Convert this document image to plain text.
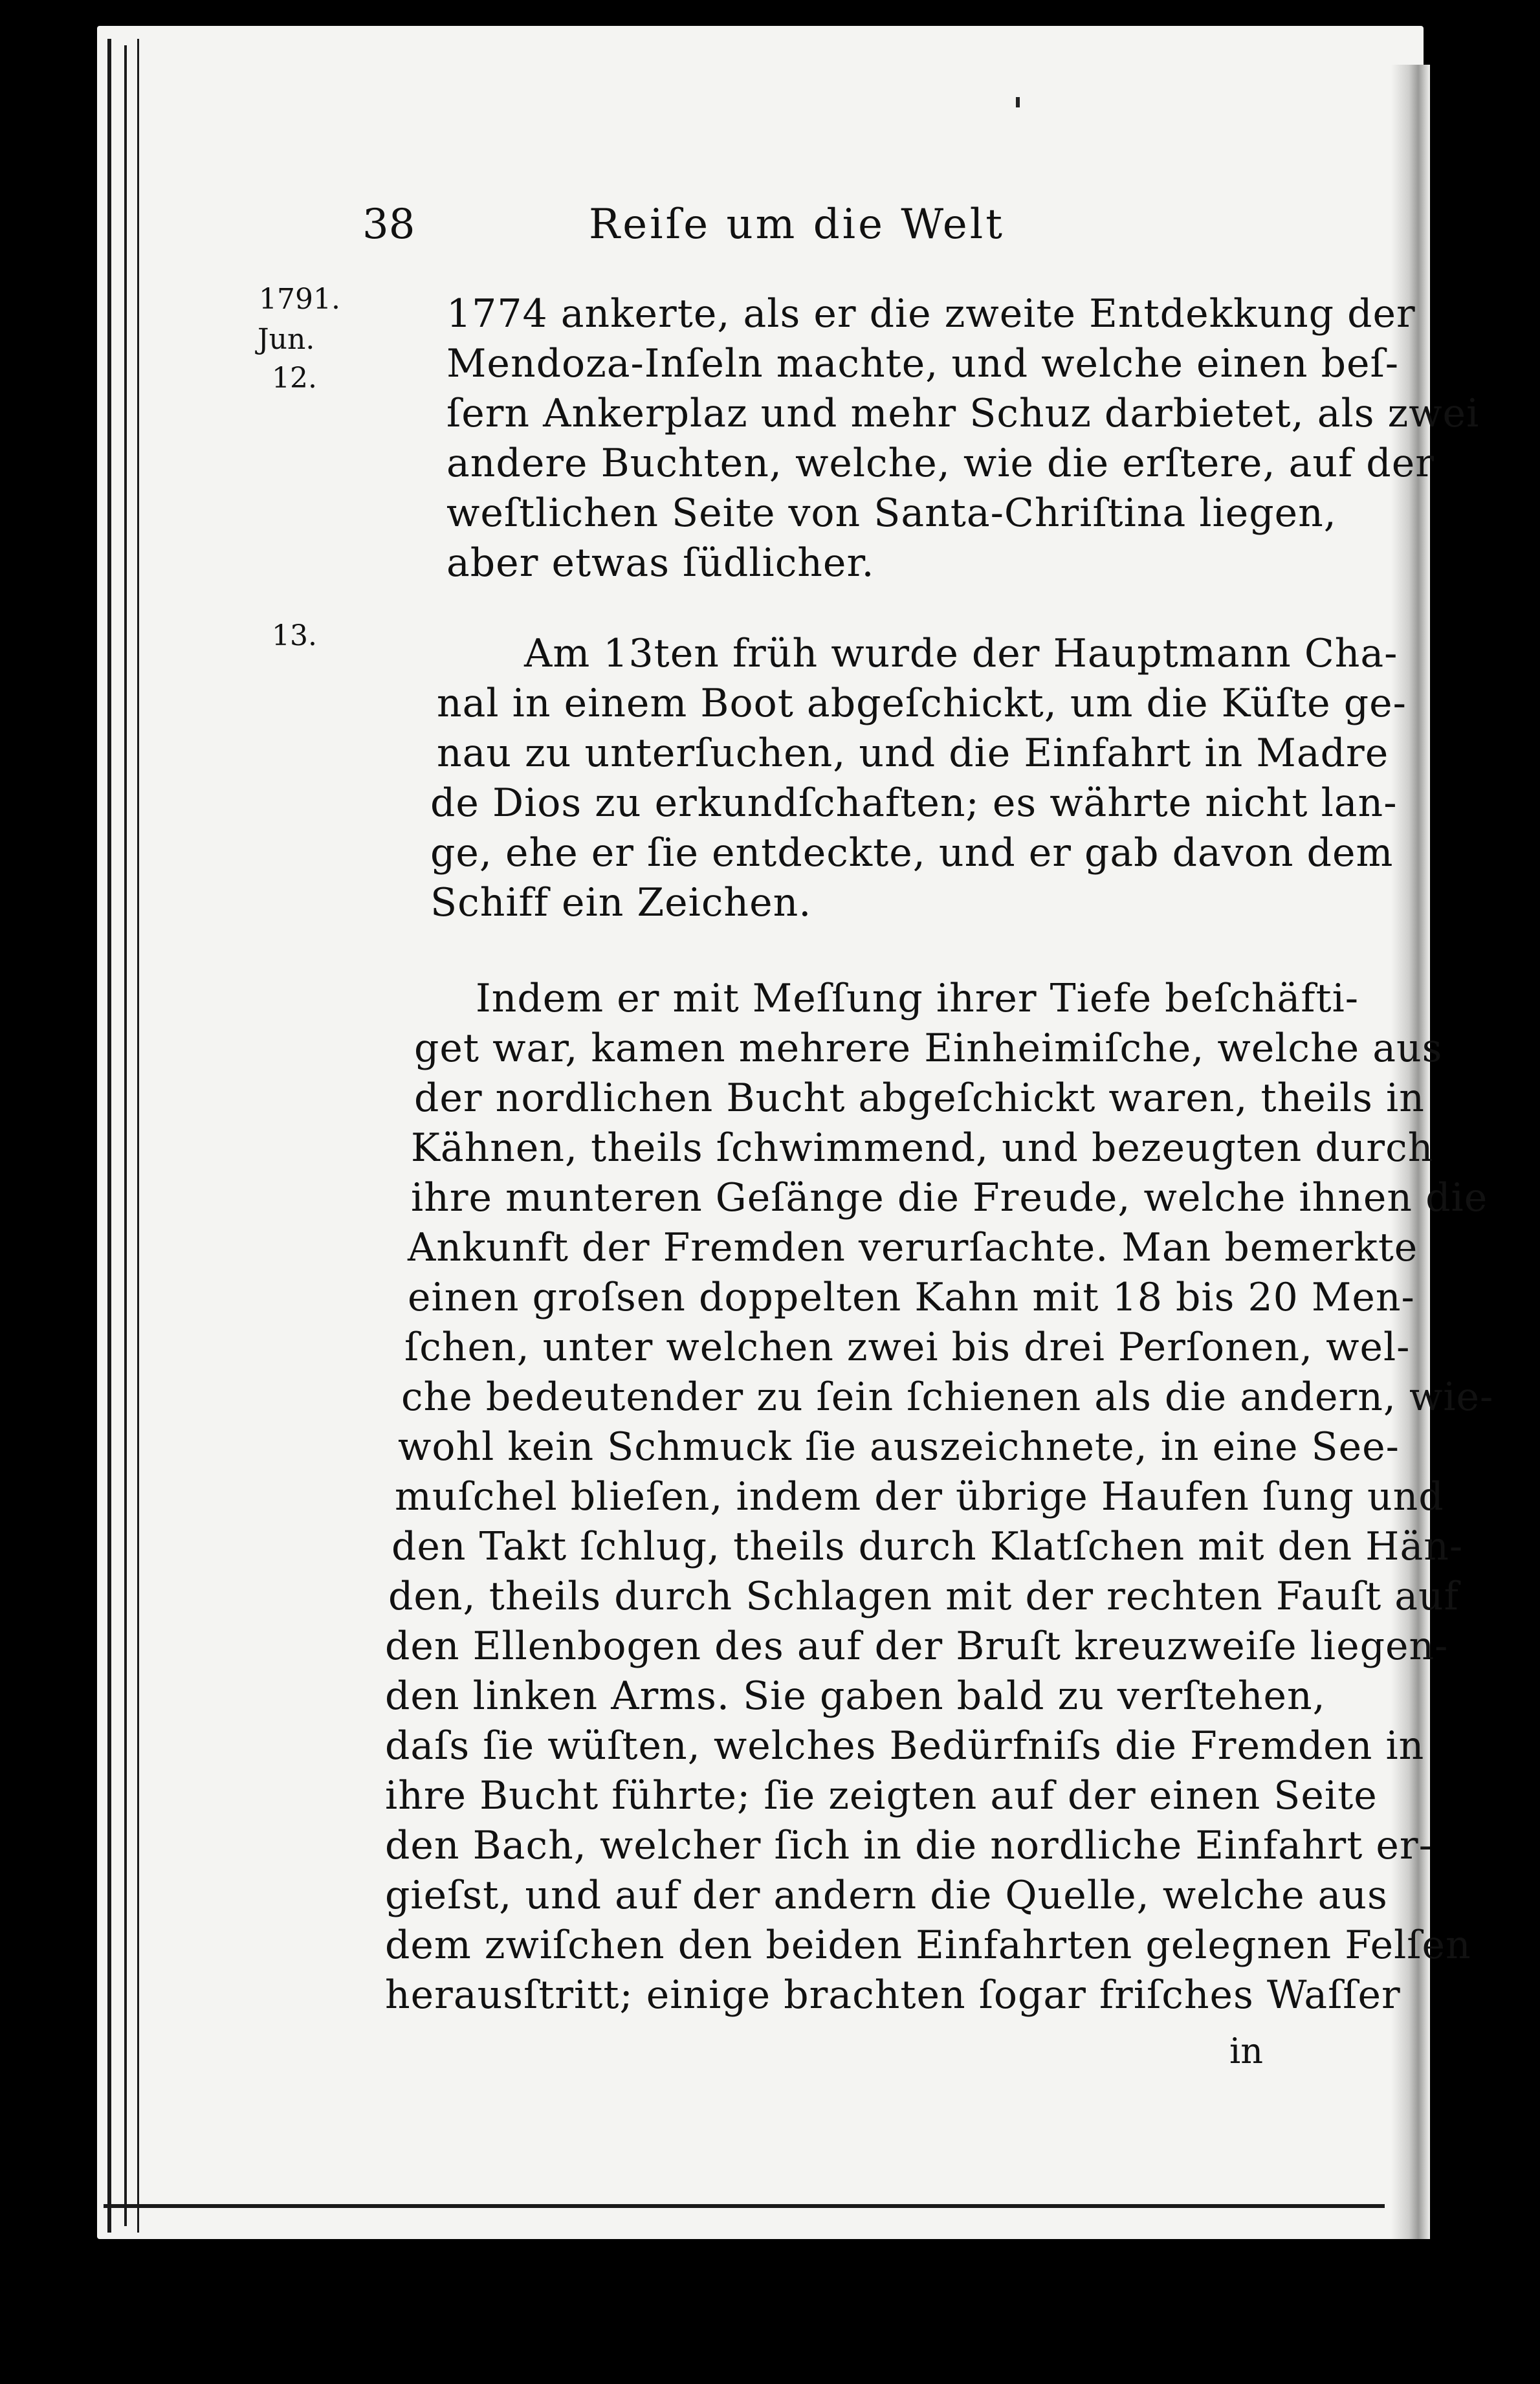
38	Reiſe um die Welt
1791.
Jun.
12.
13.
1774 ankerte, als er die zweite Entdekkung der
Mendoza-Inſeln machte, und welche einen beſ-
ſern Ankerplaz und mehr Schuz darbietet, als zwei
andere Buchten, welche, wie die erſtere, auf der
weſtlichen Seite von Santa-Chriſtina liegen,
aber etwas ſüdlicher.
Am 13ten früh wurde der Hauptmann Cha-
nal in einem Boot abgeſchickt, um die Küſte ge-
nau zu unterſuchen, und die Einfahrt in Madre
de Dios zu erkundſchaften; es währte nicht lan-
ge, ehe er ſie entdeckte, und er gab davon dem
Schiff ein Zeichen.
Indem er mit Meſſung ihrer Tiefe beſchäfti-
get war, kamen mehrere Einheimiſche, welche aus
der nordlichen Bucht abgeſchickt waren, theils in
Kähnen, theils ſchwimmend, und bezeugten durch
ihre munteren Geſänge die Freude, welche ihnen die
Ankunft der Fremden verurſachte. Man bemerkte
einen groſsen doppelten Kahn mit 18 bis 20 Men-
ſchen, unter welchen zwei bis drei Perſonen, wel-
che bedeutender zu ſein ſchienen als die andern, wie-
wohl kein Schmuck ſie auszeichnete, in eine See-
muſchel blieſen, indem der übrige Haufen ſung und
den Takt ſchlug, theils durch Klatſchen mit den Hän-
den, theils durch Schlagen mit der rechten Fauſt auf
den Ellenbogen des auf der Bruſt kreuzweiſe liegen-
den linken Arms. Sie gaben bald zu verſtehen,
daſs ſie wüſten, welches Bedürfniſs die Fremden in
ihre Bucht führte; ſie zeigten auf der einen Seite
den Bach, welcher ſich in die nordliche Einfahrt er-
gieſst, und auf der andern die Quelle, welche aus
dem zwiſchen den beiden Einfahrten gelegnen Felſen
herausſtritt; einige brachten ſogar friſches Waſſer
in
